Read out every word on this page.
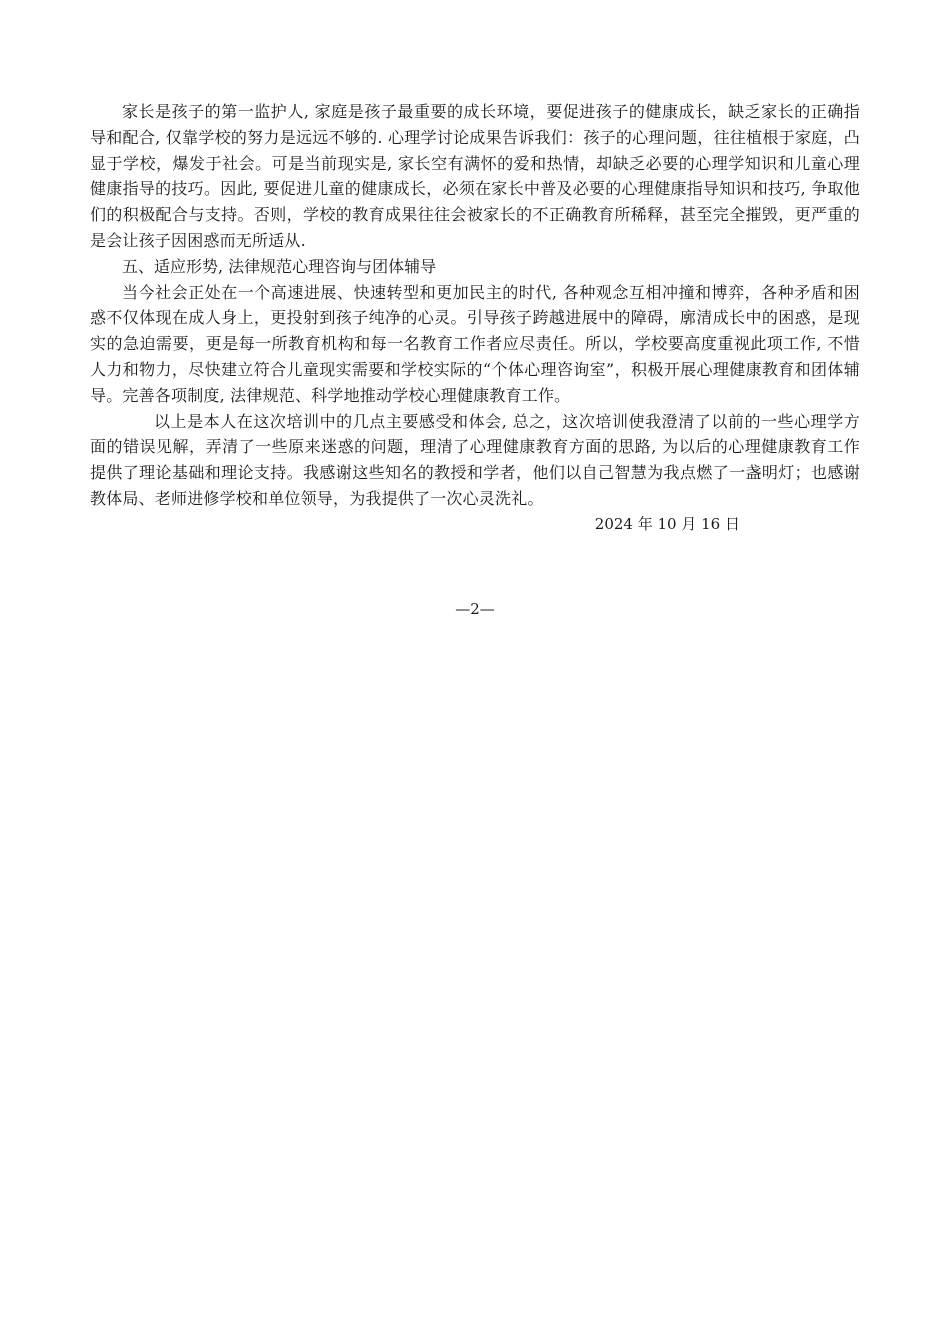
家长是孩子的第一监护人, 家庭是孩子最重要的成长环境，要促进孩子的健康成长，缺乏家长的正确指导和配合, 仅靠学校的努力是远远不够的. 心理学讨论成果告诉我们：孩子的心理问题，往往植根于家庭，凸显于学校，爆发于社会。可是当前现实是, 家长空有满怀的爱和热情，却缺乏必要的心理学知识和儿童心理健康指导的技巧。因此, 要促进儿童的健康成长，必须在家长中普及必要的心理健康指导知识和技巧, 争取他们的积极配合与支持。否则，学校的教育成果往往会被家长的不正确教育所稀释，甚至完全摧毁，更严重的是会让孩子因困惑而无所适从.

五、适应形势, 法律规范心理咨询与团体辅导

当今社会正处在一个高速进展、快速转型和更加民主的时代, 各种观念互相冲撞和博弈，各种矛盾和困惑不仅体现在成人身上，更投射到孩子纯净的心灵。引导孩子跨越进展中的障碍，廓清成长中的困惑，是现实的急迫需要，更是每一所教育机构和每一名教育工作者应尽责任。所以，学校要高度重视此项工作, 不惜人力和物力，尽快建立符合儿童现实需要和学校实际的“个体心理咨询室”，积极开展心理健康教育和团体辅导。完善各项制度, 法律规范、科学地推动学校心理健康教育工作。

以上是本人在这次培训中的几点主要感受和体会, 总之，这次培训使我澄清了以前的一些心理学方面的错误见解，弄清了一些原来迷惑的问题，理清了心理健康教育方面的思路, 为以后的心理健康教育工作提供了理论基础和理论支持。我感谢这些知名的教授和学者，他们以自己智慧为我点燃了一盏明灯；也感谢教体局、老师进修学校和单位领导，为我提供了一次心灵洗礼。

2024 年 10 月 16 日

—2—
